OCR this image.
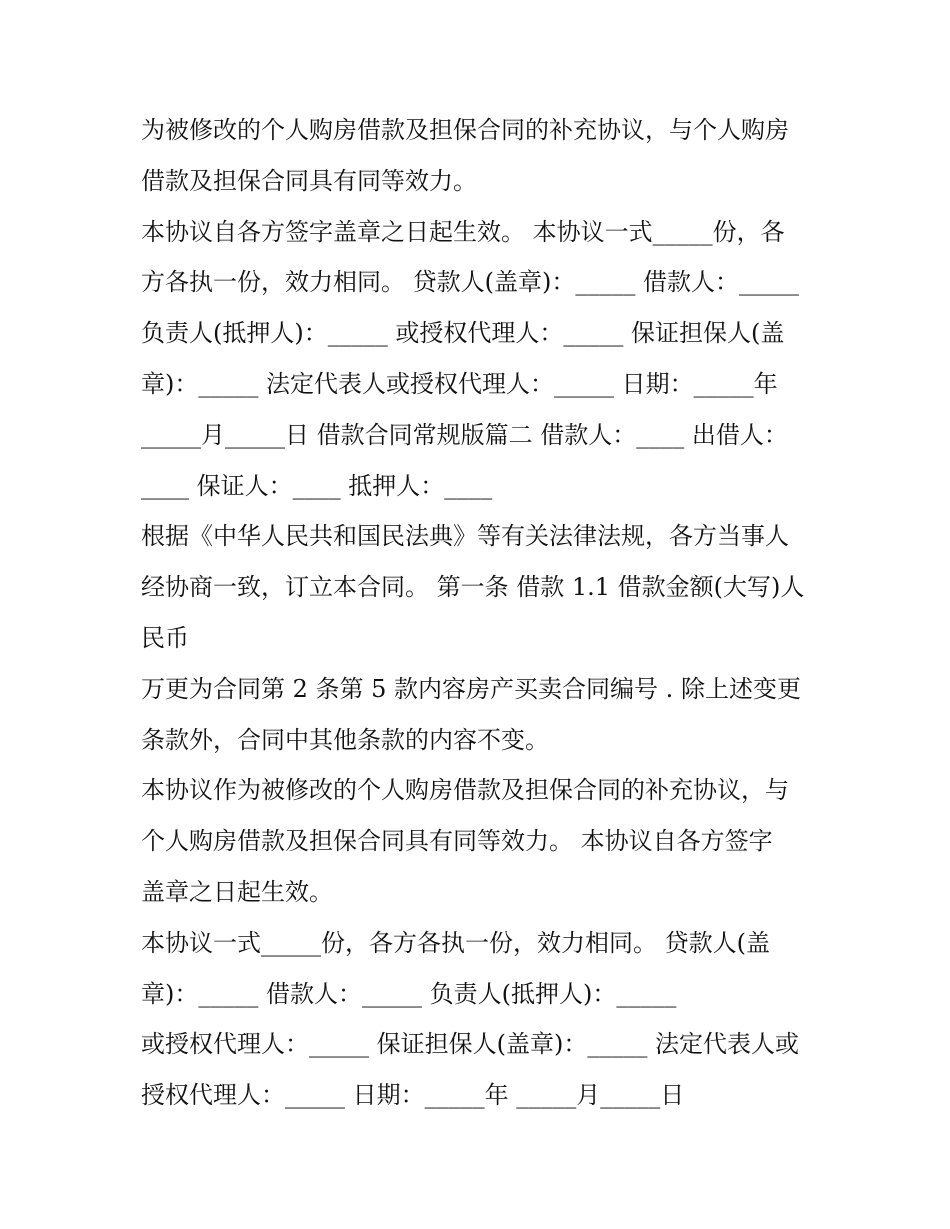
为被修改的个人购房借款及担保合同的补充协议，与个人购房

借款及担保合同具有同等效力。

本协议自各方签字盖章之日起生效。 本协议一式_____份，各

方各执一份，效力相同。 贷款人(盖章)：_____ 借款人：_____

负责人(抵押人)：_____ 或授权代理人：_____ 保证担保人(盖

章)：_____ 法定代表人或授权代理人：_____ 日期：_____年

_____月_____日 借款合同常规版篇二 借款人：____ 出借人：

____ 保证人：____ 抵押人：____

根据《中华人民共和国民法典》等有关法律法规，各方当事人

经协商一致，订立本合同。 第一条 借款 1.1 借款金额(大写)人

民币

万更为合同第 2 条第 5 款内容房产买卖合同编号 . 除上述变更

条款外，合同中其他条款的内容不变。

本协议作为被修改的个人购房借款及担保合同的补充协议，与

个人购房借款及担保合同具有同等效力。 本协议自各方签字

盖章之日起生效。

本协议一式_____份，各方各执一份，效力相同。 贷款人(盖

章)：_____ 借款人：_____ 负责人(抵押人)：_____

或授权代理人：_____ 保证担保人(盖章)：_____ 法定代表人或

授权代理人：_____ 日期：_____年 _____月_____日
